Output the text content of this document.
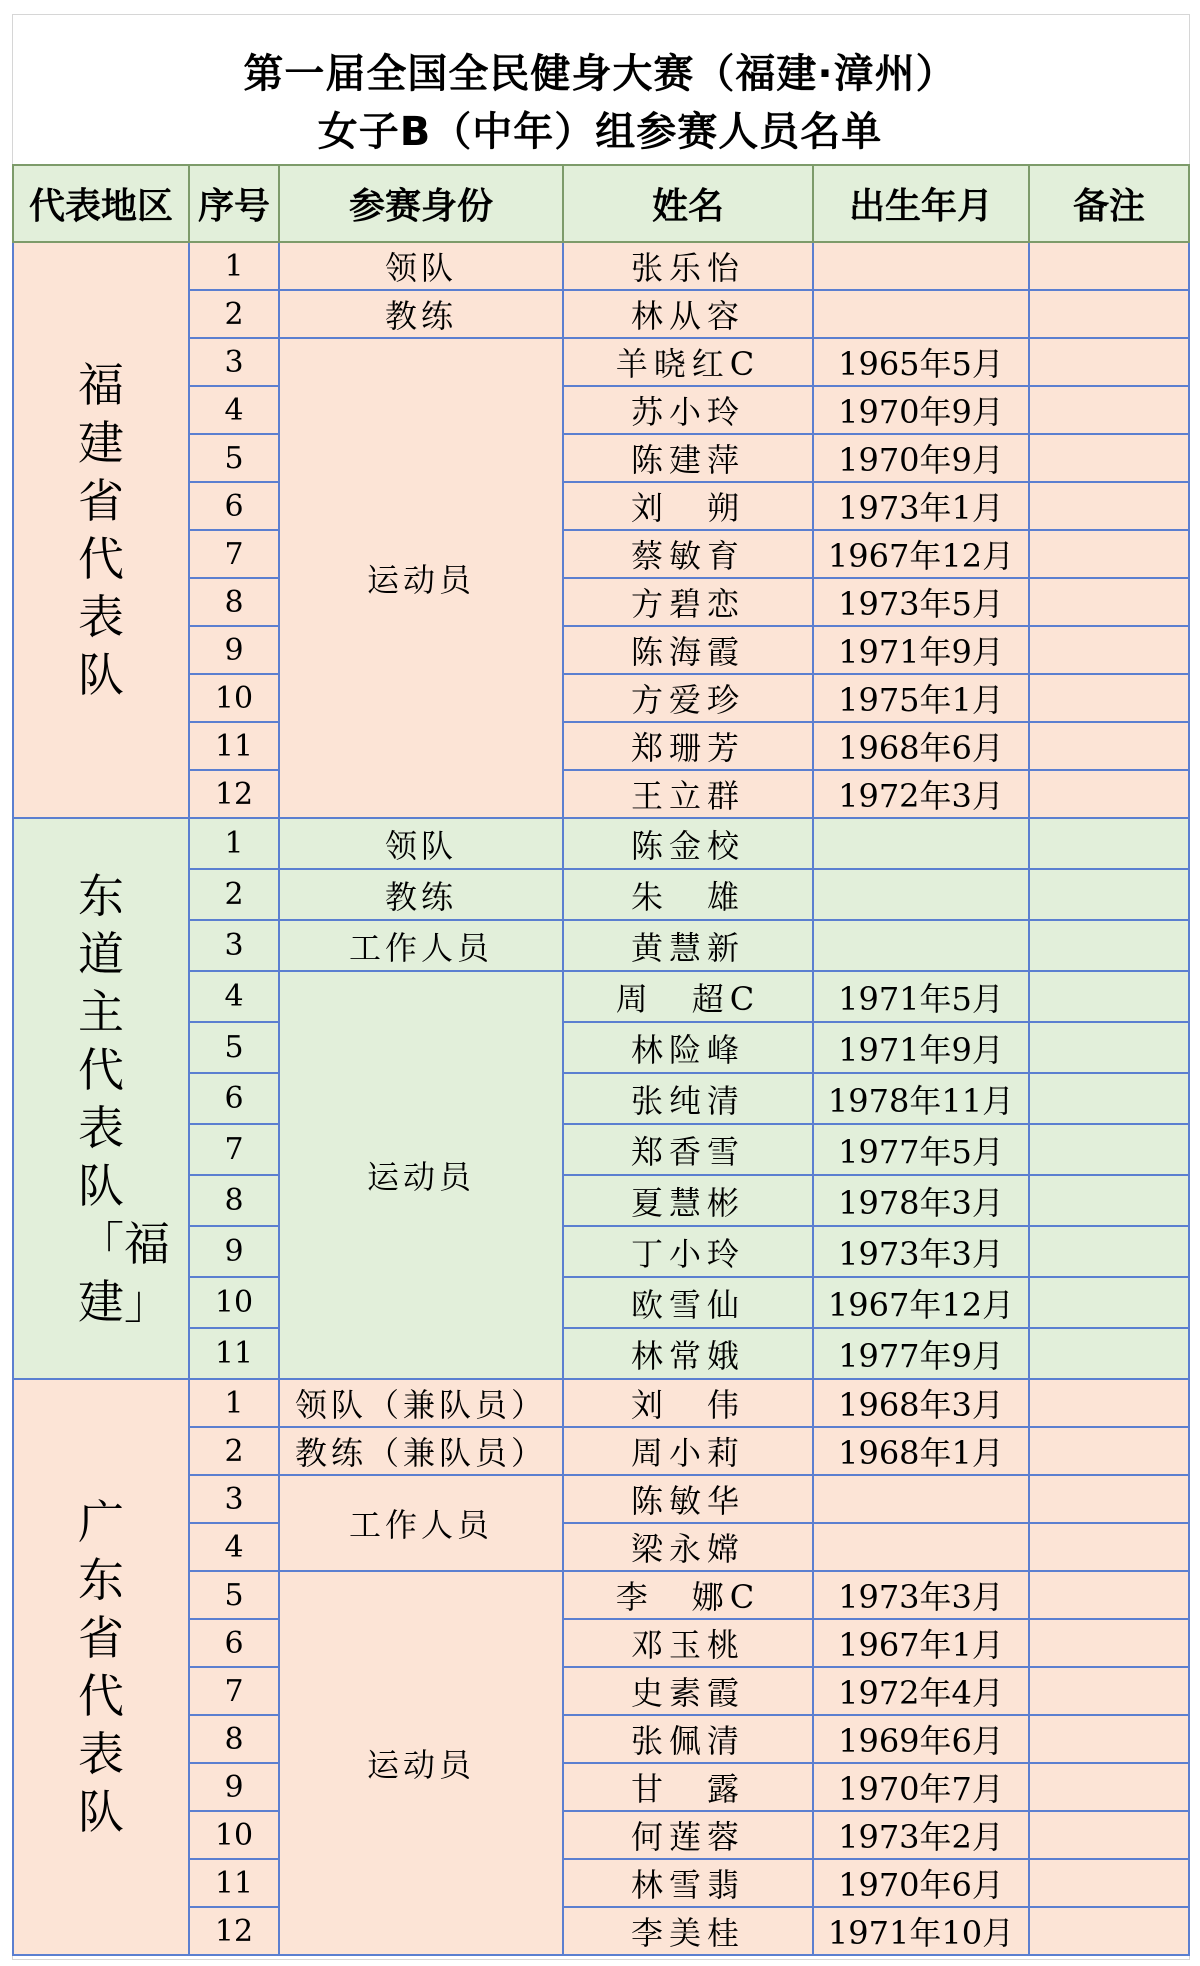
第一届全国全民健身大赛（福建·漳州）
女子B（中年）组参赛人员名单
代表地区	序号	参赛身份	姓名	出生年月	备注
福建省代表队	1	领队	张乐怡		
	2	教练	林从容		
	3	运动员	羊晓红C	1965年5月	
	4		苏小玲	1970年9月	
	5		陈建萍	1970年9月	
	6		刘　朔	1973年1月	
	7		蔡敏育	1967年12月	
	8		方碧恋	1973年5月	
	9		陈海霞	1971年9月	
	10		方爱珍	1975年1月	
	11		郑珊芳	1968年6月	
	12		王立群	1972年3月	
东道主代表队「福建」	1	领队	陈金校		
	2	教练	朱　雄		
	3	工作人员	黄慧新		
	4	运动员	周　超C	1971年5月	
	5		林险峰	1971年9月	
	6		张纯清	1978年11月	
	7		郑香雪	1977年5月	
	8		夏慧彬	1978年3月	
	9		丁小玲	1973年3月	
	10		欧雪仙	1967年12月	
	11		林常娥	1977年9月	
广东省代表队	1	领队（兼队员）	刘　伟	1968年3月	
	2	教练（兼队员）	周小莉	1968年1月	
	3	工作人员	陈敏华		
	4		梁永嫦		
	5	运动员	李　娜C	1973年3月	
	6		邓玉桃	1967年1月	
	7		史素霞	1972年4月	
	8		张佩清	1969年6月	
	9		甘　露	1970年7月	
	10		何莲蓉	1973年2月	
	11		林雪翡	1970年6月	
	12		李美桂	1971年10月	
